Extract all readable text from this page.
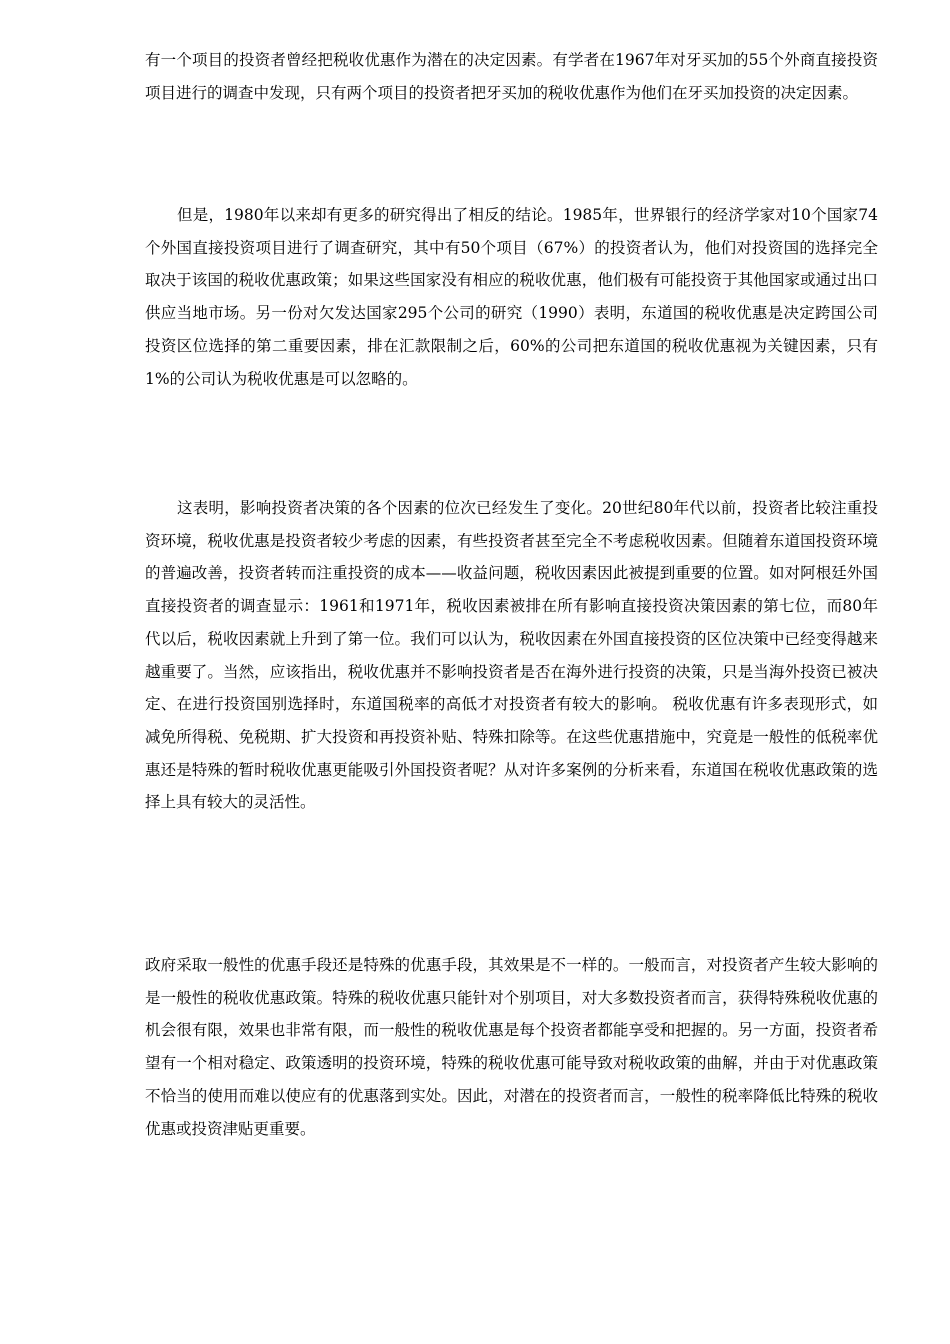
有一个项目的投资者曾经把税收优惠作为潜在的决定因素。有学者在1967年对牙买加的55个外商直接投资项目进行的调查中发现，只有两个项目的投资者把牙买加的税收优惠作为他们在牙买加投资的决定因素。

但是，1980年以来却有更多的研究得出了相反的结论。1985年，世界银行的经济学家对10个国家74个外国直接投资项目进行了调查研究，其中有50个项目（67%）的投资者认为，他们对投资国的选择完全取决于该国的税收优惠政策；如果这些国家没有相应的税收优惠，他们极有可能投资于其他国家或通过出口供应当地市场。另一份对欠发达国家295个公司的研究（1990）表明，东道国的税收优惠是决定跨国公司投资区位选择的第二重要因素，排在汇款限制之后，60%的公司把东道国的税收优惠视为关键因素，只有1%的公司认为税收优惠是可以忽略的。

这表明，影响投资者决策的各个因素的位次已经发生了变化。20世纪80年代以前，投资者比较注重投资环境，税收优惠是投资者较少考虑的因素，有些投资者甚至完全不考虑税收因素。但随着东道国投资环境的普遍改善，投资者转而注重投资的成本——收益问题，税收因素因此被提到重要的位置。如对阿根廷外国直接投资者的调查显示：1961和1971年，税收因素被排在所有影响直接投资决策因素的第七位，而80年代以后，税收因素就上升到了第一位。我们可以认为，税收因素在外国直接投资的区位决策中已经变得越来越重要了。当然，应该指出，税收优惠并不影响投资者是否在海外进行投资的决策，只是当海外投资已被决定、在进行投资国别选择时，东道国税率的高低才对投资者有较大的影响。 税收优惠有许多表现形式，如减免所得税、免税期、扩大投资和再投资补贴、特殊扣除等。在这些优惠措施中，究竟是一般性的低税率优惠还是特殊的暂时税收优惠更能吸引外国投资者呢？从对许多案例的分析来看，东道国在税收优惠政策的选择上具有较大的灵活性。

政府采取一般性的优惠手段还是特殊的优惠手段，其效果是不一样的。一般而言，对投资者产生较大影响的是一般性的税收优惠政策。特殊的税收优惠只能针对个别项目，对大多数投资者而言，获得特殊税收优惠的机会很有限，效果也非常有限，而一般性的税收优惠是每个投资者都能享受和把握的。另一方面，投资者希望有一个相对稳定、政策透明的投资环境，特殊的税收优惠可能导致对税收政策的曲解，并由于对优惠政策不恰当的使用而难以使应有的优惠落到实处。因此，对潜在的投资者而言，一般性的税率降低比特殊的税收优惠或投资津贴更重要。
